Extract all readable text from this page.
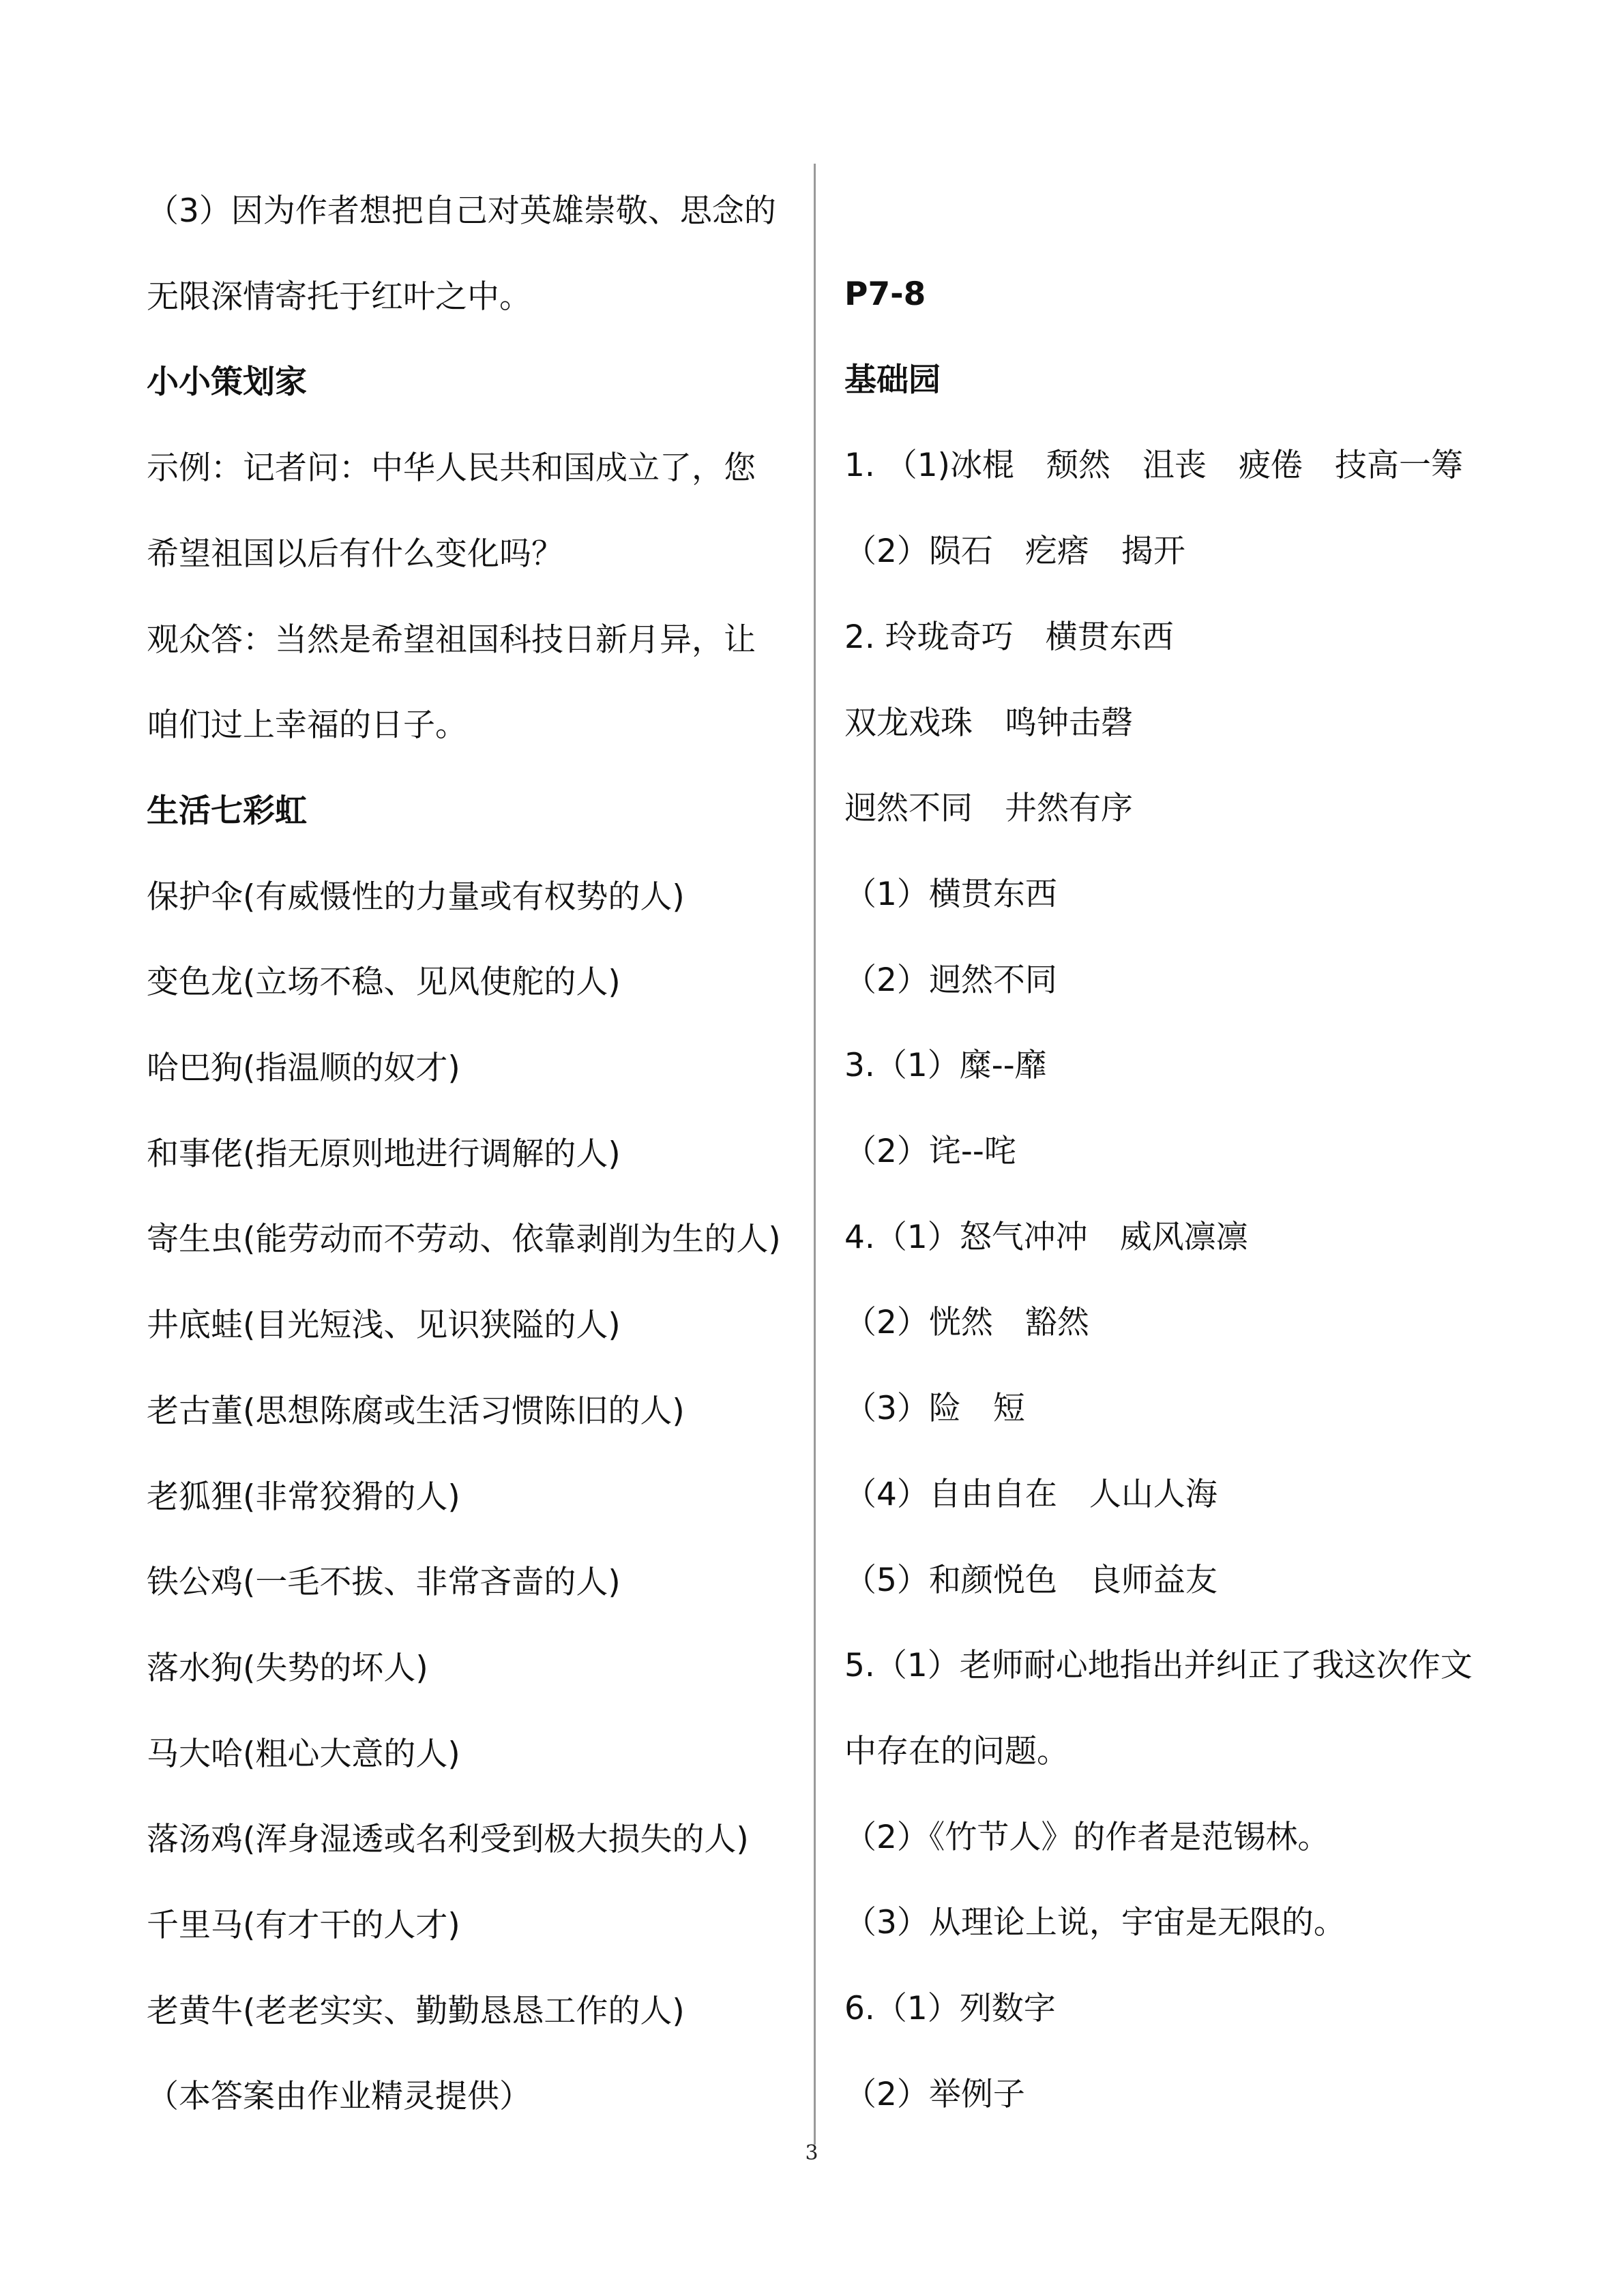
（3）因为作者想把自己对英雄崇敬、思念的
无限深情寄托于红叶之中。
小小策划家
示例：记者问：中华人民共和国成立了，您
希望祖国以后有什么变化吗？
观众答：当然是希望祖国科技日新月异，让
咱们过上幸福的日子。
生活七彩虹
保护伞(有威慑性的力量或有权势的人)
变色龙(立场不稳、见风使舵的人)
哈巴狗(指温顺的奴才)
和事佬(指无原则地进行调解的人)
寄生虫(能劳动而不劳动、依靠剥削为生的人)
井底蛙(目光短浅、见识狭隘的人)
老古董(思想陈腐或生活习惯陈旧的人)
老狐狸(非常狡猾的人)
铁公鸡(一毛不拔、非常吝啬的人)
落水狗(失势的坏人)
马大哈(粗心大意的人)
落汤鸡(浑身湿透或名利受到极大损失的人)
千里马(有才干的人才)
老黄牛(老老实实、勤勤恳恳工作的人)
（本答案由作业精灵提供）
P7-8
基础园
1. （1)冰棍　颓然　沮丧　疲倦　技高一筹
（2）陨石　疙瘩　揭开
2. 玲珑奇巧　横贯东西
双龙戏珠　鸣钟击磬
迥然不同　井然有序
（1）横贯东西
（2）迥然不同
3.（1）糜--靡
（2）诧--咤
4.（1）怒气冲冲　威风凛凛
（2）恍然　豁然
（3）险　短
（4）自由自在　人山人海
（5）和颜悦色　良师益友
5.（1）老师耐心地指出并纠正了我这次作文
中存在的问题。
（2）《竹节人》的作者是范锡林。
（3）从理论上说，宇宙是无限的。
6.（1）列数字
（2）举例子
3
